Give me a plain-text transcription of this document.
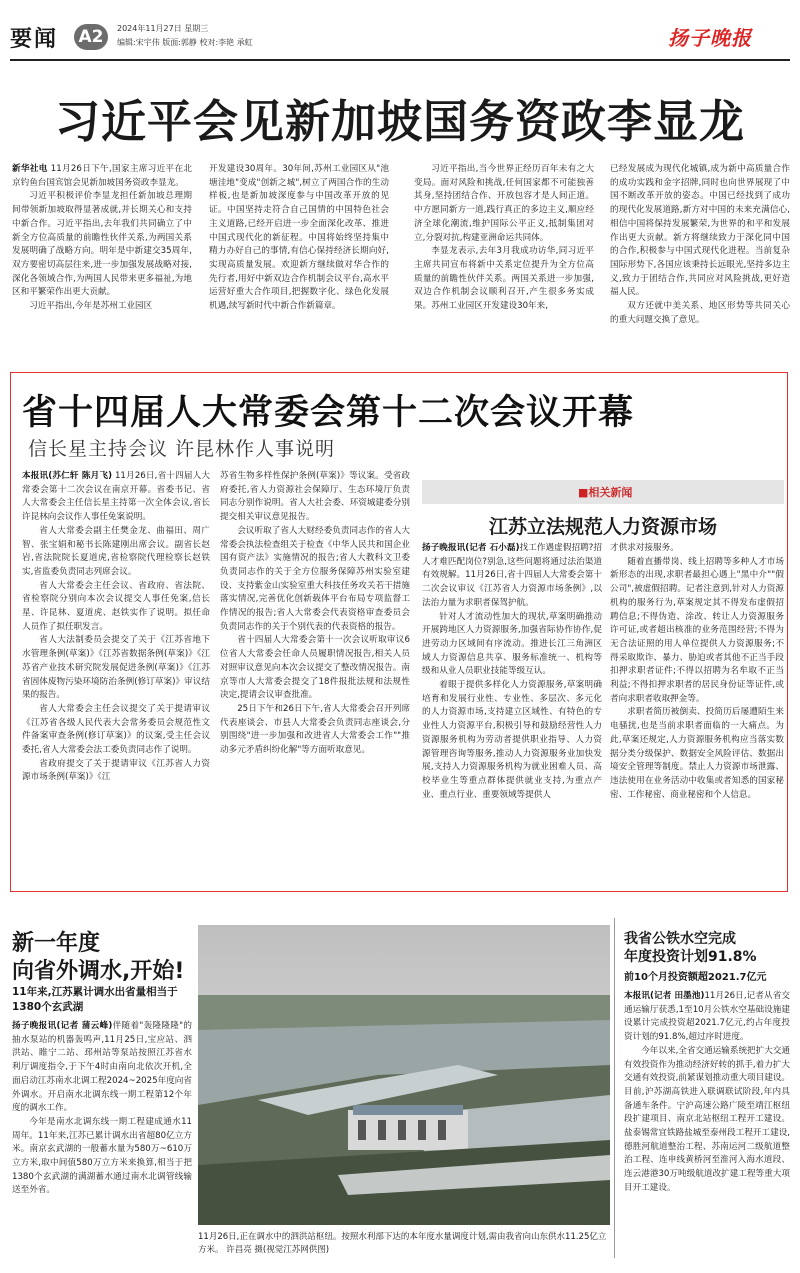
要闻 A2	2024年11月27日 星期三
编辑:宋宇伟 版面:郭静 校对:李艳 承虹	扬子晚报
习近平会见新加坡国务资政李显龙
新华社电 11月26日下午,国家主席习近平在北京钓鱼台国宾馆会见新加坡国务资政李显龙。

习近平积极评价李显龙担任新加坡总理期间带领新加坡取得显著成就,并长期关心和支持中新合作。习近平指出,去年我们共同确立了中新全方位高质量的前瞻性伙伴关系,为两国关系发展明确了战略方向。明年是中新建交35周年,双方要密切高层往来,进一步加强发展战略对接,深化各领域合作,为两国人民带来更多福祉,为地区和平繁荣作出更大贡献。

习近平指出,今年是苏州工业园区

开发建设30周年。30年间,苏州工业园区从"池塘洼地"变成"创新之城",树立了两国合作的生动样板,也是新加坡深度参与中国改革开放的见证。中国坚持走符合自己国情的中国特色社会主义道路,已经开启进一步全面深化改革、推进中国式现代化的新征程。中国将始终坚持集中精力办好自己的事情,有信心保持经济长期向好,实现高质量发展。欢迎新方继续做对华合作的先行者,用好中新双边合作机制会议平台,高水平运营好重大合作项目,把握数字化、绿色化发展机遇,续写新时代中新合作新篇章。

习近平指出,当今世界正经历百年未有之大变局。面对风险和挑战,任何国家都不可能独善其身,坚持团结合作、开放包容才是人间正道。中方愿同新方一道,践行真正的多边主义,顺应经济全球化潮流,维护国际公平正义,抵制集团对立,分裂对抗,构建亚洲命运共同体。

李显龙表示,去年3月我成功访华,同习近平主席共同宣布将新中关系定位提升为全方位高质量的前瞻性伙伴关系。两国关系进一步加强,双边合作机制会议顺利召开,产生很多务实成果。苏州工业园区开发建设30年来,

已经发展成为现代化城镇,成为新中高质量合作的成功实践和金字招牌,同时也向世界展现了中国不断改革开放的姿态。中国已经找到了成功的现代化发展道路,新方对中国的未来充满信心,相信中国将保持发展繁荣,为世界的和平和发展作出更大贡献。新方将继续致力于深化同中国的合作,积极参与中国式现代化进程。当前复杂国际形势下,各国应该秉持长远眼光,坚持多边主义,致力于团结合作,共同应对风险挑战,更好造福人民。

双方还就中美关系、地区形势等共同关心的重大问题交换了意见。

省十四届人大常委会第十二次会议开幕
信长星主持会议 许昆林作人事说明
本报讯(苏仁轩 陈月飞) 11月26日,省十四届人大常委会第十二次会议在南京开幕。省委书记、省人大常委会主任信长星主持第一次全体会议,省长许昆林向会议作人事任免案说明。

省人大常委会副主任樊金龙、曲福田、周广智、张宝娟和秘书长陈建刚出席会议。副省长赵岩,省法院院长夏道虎,省检察院代理检察长赵铁实,省监委负责同志列席会议。

省人大常委会主任会议、省政府、省法院、省检察院分别向本次会议提交人事任免案,信长星、许昆林、夏道虎、赵铁实作了说明。拟任命人员作了拟任职发言。

省人大法制委员会提交了关于《江苏省地下水管理条例(草案)》《江苏省数据条例(草案)》《江苏省产业技术研究院发展促进条例(草案)》《江苏省固体废物污染环境防治条例(修订草案)》审议结果的报告。

省人大常委会主任会议提交了关于提请审议《江苏省各级人民代表大会常务委员会规范性文件备案审查条例(修订草案)》的议案,受主任会议委托,省人大常委会法工委负责同志作了说明。

省政府提交了关于提请审议《江苏省人力资源市场条例(草案)》《江

苏省生物多样性保护条例(草案)》等议案。受省政府委托,省人力资源社会保障厅、生态环境厅负责同志分别作说明。省人大社会委、环资城建委分别提交相关审议意见报告。

会议听取了省人大财经委负责同志作的省人大常委会执法检查组关于检查《中华人民共和国企业国有资产法》实施情况的报告;省人大教科文卫委负责同志作的关于全方位服务保障苏州实验室建设、支持紫金山实验室重大科技任务攻关若干措施落实情况,完善优化创新载体平台布局专项监督工作情况的报告;省人大常委会代表资格审查委员会负责同志作的关于个别代表的代表资格的报告。

省十四届人大常委会第十一次会议听取审议6位省人大常委会任命人员履职情况报告,相关人员对照审议意见向本次会议提交了整改情况报告。南京等市人大常委会提交了18件报批法规和法规性决定,提请会议审查批准。

25日下午和26日下午,省人大常委会召开列席代表座谈会、市县人大常委会负责同志座谈会,分别围绕"进一步加强和改进省人大常委会工作""推动多元矛盾纠纷化解"等方面听取意见。

■相关新闻
江苏立法规范人力资源市场
扬子晚报讯(记者 石小磊)找工作遇虚假招聘?招人才难匹配岗位?别急,这些问题将通过法治渠道有效规解。11月26日,省十四届人大常委会第十二次会议审议《江苏省人力资源市场条例》,以法治力量为求职者保驾护航。

针对人才流动性加大的现状,草案明确推动开展跨地区人力资源服务,加强省际协作协作,促进劳动力区域间有序流动。推进长江三角洲区域人力资源信息共享、服务标准统一、机构等级和从业人员职业技能等级互认。

着眼于提供多样化人力资源服务,草案明确培育和发展行业性、专业性、多层次、多元化的人力资源市场,支持建立区域性、有特色的专业性人力资源平台,积极引导和鼓励经营性人力资源服务机构为劳动者提供职业指导、人力资源管理咨询等服务,推动人力资源服务业加快发展,支持人力资源服务机构为就业困难人员、高校毕业生等重点群体提供就业支持,为重点产业、重点行业、重要领域等提供人

才供求对接服务。

随着直播带岗、线上招聘等多种人才市场新形态的出现,求职者最担心遇上"黑中介""假公司",被虚假招聘。记者注意到,针对人力资源机构的服务行为,草案规定其不得发布虚假招聘信息;不得伪造、涂改、转让人力资源服务许可证,或者超出核准的业务范围经营;不得为无合法证照的用人单位提供人力资源服务;不得采取欺诈、暴力、胁迫或者其他不正当手段扣押求职者证件;不得以招聘为名牟取不正当利益;不得扣押求职者的居民身份证等证件,或者向求职者收取押金等。

求职者简历被倒卖、投简历后屡遭陌生来电骚扰,也是当前求职者面临的一大痛点。为此,草案还规定,人力资源服务机构应当落实数据分类分级保护、数据安全风险评估、数据出境安全管理等制度。禁止人力资源市场泄露、违法使用在业务活动中收集或者知悉的国家秘密、工作秘密、商业秘密和个人信息。

新一年度
向省外调水,开始!
11年来,江苏累计调水出省量相当于1380个玄武湖
扬子晚报讯(记者 蒲云峰)伴随着"轰隆隆隆"的抽水泵站的机器轰鸣声,11月25日,宝应站、泗洪站、睢宁二站、邳州站等泵站按照江苏省水利厅调度指令,于下午4时由南向北依次开机,全面启动江苏南水北调工程2024~2025年度向省外调水。开启南水北调东线一期工程第12个年度的调水工作。

今年是南水北调东线一期工程建成通水11周年。11年来,江苏已累计调水出省超80亿立方米。南京玄武湖的一般蓄水量为580万~610万立方米,取中间值580万立方米来换算,相当于把1380个玄武湖的满湖蓄水通过南水北调管线输送至外省。

11月26日,正在调水中的泗洪站枢纽。按照水利部下达的本年度水量调度计划,需由我省向山东供水11.25亿立方米。 许昌亮 摄(视觉江苏网供图)
我省公铁水空完成
年度投资计划91.8%
前10个月投资额超2021.7亿元
本报讯(记者 田墨池)11月26日,记者从省交通运输厅获悉,1至10月公铁水空基础设施建设累计完成投资超2021.7亿元,约占年度投资计划的91.8%,超过序时进度。

今年以来,全省交通运输系统把扩大交通有效投资作为推动经济好转的抓手,着力扩大交通有效投资,前紧谋划推动重大项目建设。目前,沪苏湖高铁进入联调联试阶段,年内具备通车条件。宁沪高速公路广陵至靖江枢纽段扩建项目、南京北站枢纽工程开工建设。盐泰锡常宜铁路盐城至泰州段工程开工建设,德胜河航道整治工程、苏南运河二级航道整治工程、连申线黄桥河至淮河入海水道段、连云港港30万吨级航道改扩建工程等重大项目开工建设。
